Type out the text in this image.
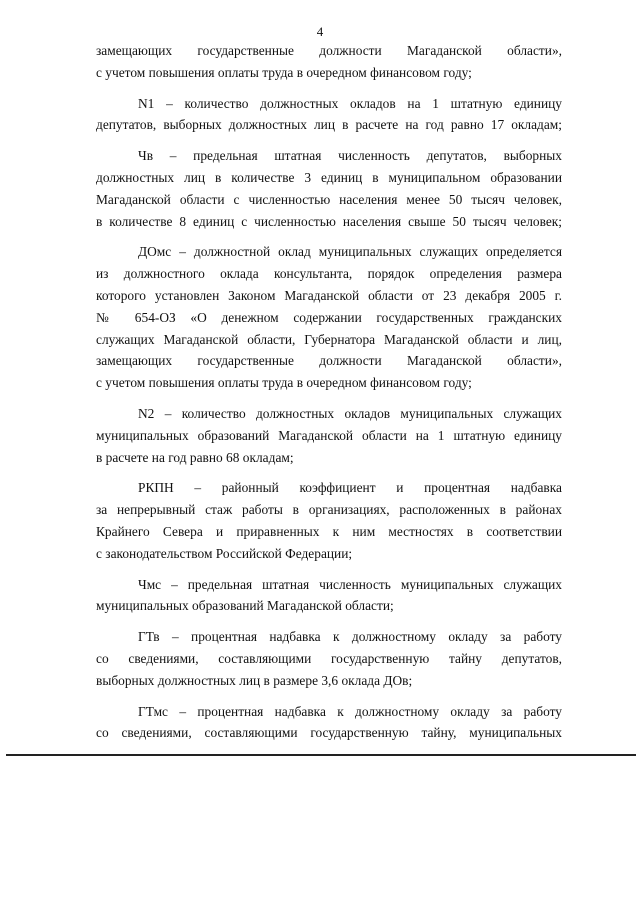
4
замещающих государственные должности Магаданской области»,
с учетом повышения оплаты труда в очередном финансовом году;
N1 – количество должностных окладов на 1 штатную единицу
депутатов, выборных должностных лиц в расчете на год равно 17 окладам;
Чв – предельная штатная численность депутатов, выборных
должностных лиц в количестве 3 единиц в муниципальном образовании
Магаданской области с численностью населения менее 50 тысяч человек,
в количестве 8 единиц с численностью населения свыше 50 тысяч человек;
ДОмс – должностной оклад муниципальных служащих определяется
из должностного оклада консультанта, порядок определения размера
которого установлен Законом Магаданской области от 23 декабря 2005 г.
№ 654-ОЗ «О денежном содержании государственных гражданских
служащих Магаданской области, Губернатора Магаданской области и лиц,
замещающих государственные должности Магаданской области»,
с учетом повышения оплаты труда в очередном финансовом году;
N2 – количество должностных окладов муниципальных служащих
муниципальных образований Магаданской области на 1 штатную единицу
в расчете на год равно 68 окладам;
РКПН – районный коэффициент и процентная надбавка
за непрерывный стаж работы в организациях, расположенных в районах
Крайнего Севера и приравненных к ним местностях в соответствии
с законодательством Российской Федерации;
Чмс – предельная штатная численность муниципальных служащих
муниципальных образований Магаданской области;
ГТв – процентная надбавка к должностному окладу за работу
со сведениями, составляющими государственную тайну депутатов,
выборных должностных лиц в размере 3,6 оклада ДОв;
ГТмс – процентная надбавка к должностному окладу за работу
со сведениями, составляющими государственную тайну, муниципальных
